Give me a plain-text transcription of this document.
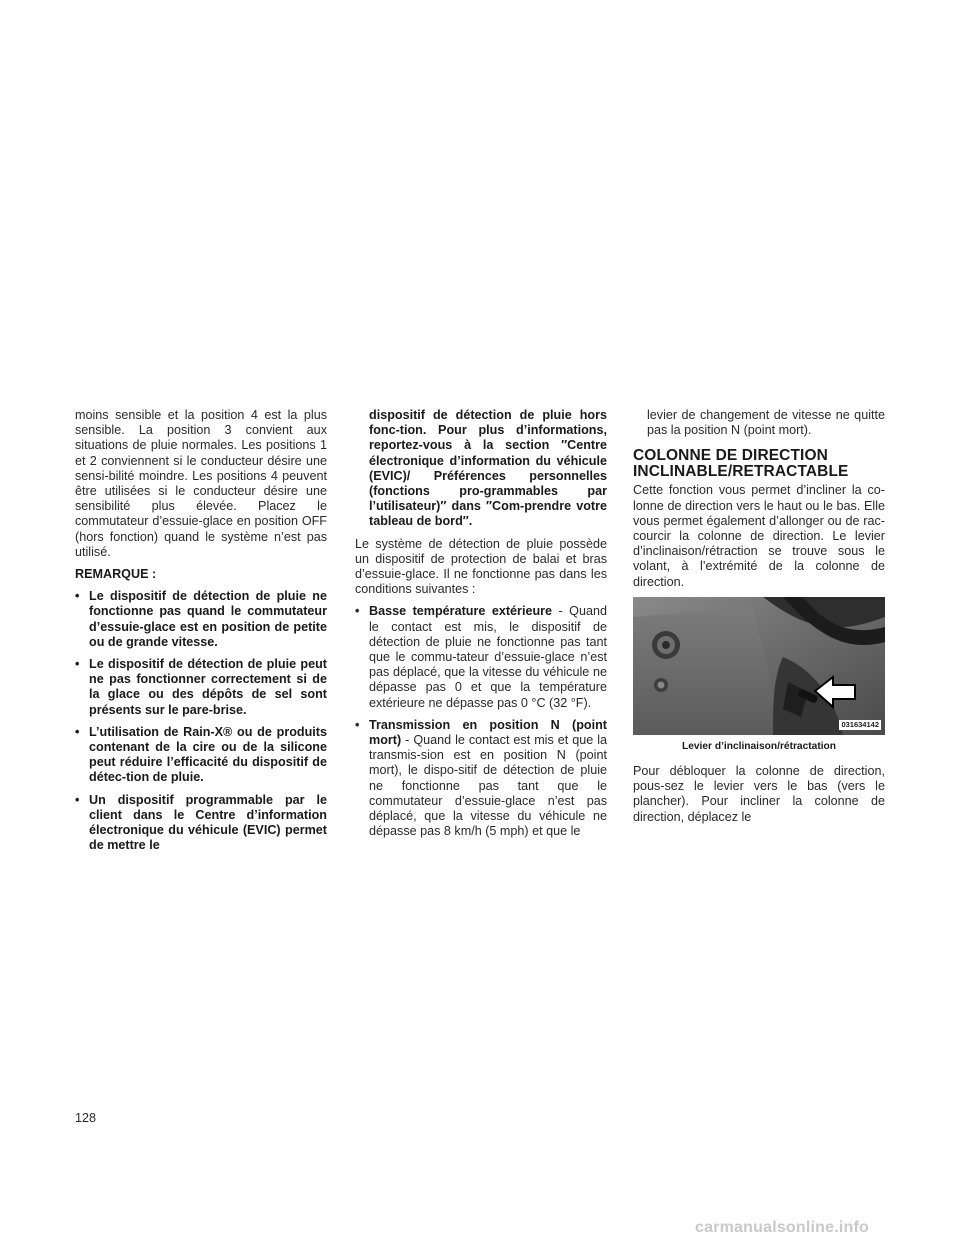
moins sensible et la position 4 est la plus sensible. La position 3 convient aux situations de pluie normales. Les positions 1 et 2 conviennent si le conducteur désire une sensi-bilité moindre. Les positions 4 peuvent être utilisées si le conducteur désire une sensibilité plus élevée. Placez le commutateur d’essuie-glace en position OFF (hors fonction) quand le système n’est pas utilisé.

REMARQUE :

• Le dispositif de détection de pluie ne fonctionne pas quand le commutateur d’essuie-glace est en position de petite ou de grande vitesse.
• Le dispositif de détection de pluie peut ne pas fonctionner correctement si de la glace ou des dépôts de sel sont présents sur le pare-brise.
• L’utilisation de Rain-X® ou de produits contenant de la cire ou de la silicone peut réduire l’efficacité du dispositif de détec-tion de pluie.
• Un dispositif programmable par le client dans le Centre d’information électronique du véhicule (EVIC) permet de mettre le

dispositif de détection de pluie hors fonc-tion. Pour plus d’informations, reportez-vous à la section ″Centre électronique d’information du véhicule (EVIC)/ Préférences personnelles (fonctions pro-grammables par l’utilisateur)″ dans ″Com-prendre votre tableau de bord″.

Le système de détection de pluie possède un dispositif de protection de balai et bras d’essuie-glace. Il ne fonctionne pas dans les conditions suivantes :

• Basse température extérieure - Quand le contact est mis, le dispositif de détection de pluie ne fonctionne pas tant que le commu-tateur d’essuie-glace n’est pas déplacé, que la vitesse du véhicule ne dépasse pas 0 et que la température extérieure ne dépasse pas 0 °C (32 °F).
• Transmission en position N (point mort) - Quand le contact est mis et que la transmis-sion est en position N (point mort), le dispo-sitif de détection de pluie ne fonctionne pas tant que le commutateur d’essuie-glace n’est pas déplacé, que la vitesse du véhicule ne dépasse pas 8 km/h (5 mph) et que le

levier de changement de vitesse ne quitte pas la position N (point mort).

COLONNE DE DIRECTION
INCLINABLE/RETRACTABLE

Cette fonction vous permet d’incliner la co-lonne de direction vers le haut ou le bas. Elle vous permet également d’allonger ou de rac-courcir la colonne de direction. Le levier d’inclinaison/rétraction se trouve sous le volant, à l’extrémité de la colonne de direction.

031634142
Levier d’inclinaison/rétractation

Pour débloquer la colonne de direction, pous-sez le levier vers le bas (vers le plancher). Pour incliner la colonne de direction, déplacez le

128
carmanualsonline.info
